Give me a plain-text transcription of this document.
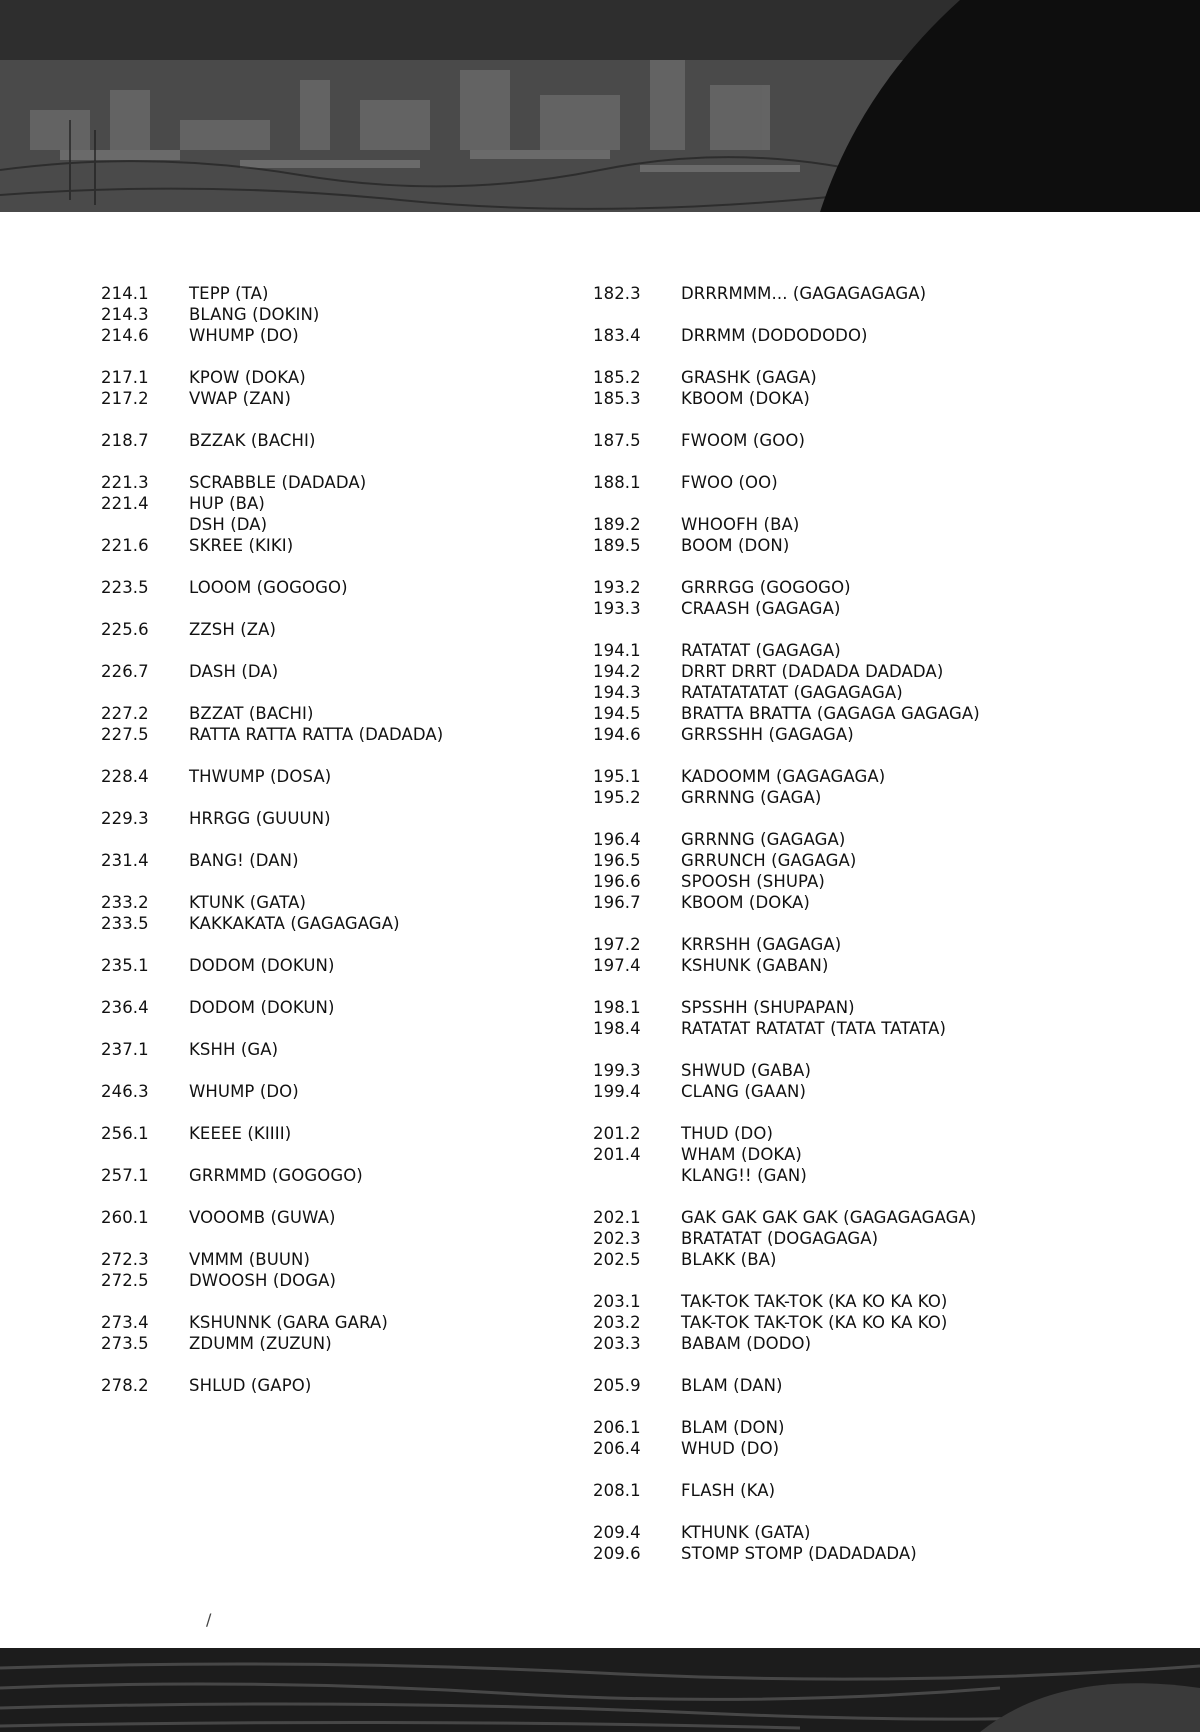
214.1	TEPP (TA)
214.3	BLANG (DOKIN)
214.6	WHUMP (DO)
217.1	KPOW (DOKA)
217.2	VWAP (ZAN)
218.7	BZZAK (BACHI)
221.3	SCRABBLE (DADADA)
221.4	HUP (BA)
DSH (DA)
221.6	SKREE (KIKI)
223.5	LOOOM (GOGOGO)
225.6	ZZSH (ZA)
226.7	DASH (DA)
227.2	BZZAT (BACHI)
227.5	RATTA RATTA RATTA (DADADA)
228.4	THWUMP (DOSA)
229.3	HRRGG (GUUUN)
231.4	BANG! (DAN)
233.2	KTUNK (GATA)
233.5	KAKKAKATA (GAGAGAGA)
235.1	DODOM (DOKUN)
236.4	DODOM (DOKUN)
237.1	KSHH (GA)
246.3	WHUMP (DO)
256.1	KEEEE (KIIII)
257.1	GRRMMD (GOGOGO)
260.1	VOOOMB (GUWA)
272.3	VMMM (BUUN)
272.5	DWOOSH (DOGA)
273.4	KSHUNNK (GARA GARA)
273.5	ZDUMM (ZUZUN)
278.2	SHLUD (GAPO)
182.3	DRRRMMM... (GAGAGAGAGA)
183.4	DRRMM (DODODODO)
185.2	GRASHK (GAGA)
185.3	KBOOM (DOKA)
187.5	FWOOM (GOO)
188.1	FWOO (OO)
189.2	WHOOFH (BA)
189.5	BOOM (DON)
193.2	GRRRGG (GOGOGO)
193.3	CRAASH (GAGAGA)
194.1	RATATAT (GAGAGA)
194.2	DRRT DRRT (DADADA DADADA)
194.3	RATATATATAT (GAGAGAGA)
194.5	BRATTA BRATTA (GAGAGA GAGAGA)
194.6	GRRSSHH (GAGAGA)
195.1	KADOOMM (GAGAGAGA)
195.2	GRRNNG (GAGA)
196.4	GRRNNG (GAGAGA)
196.5	GRRUNCH (GAGAGA)
196.6	SPOOSH (SHUPA)
196.7	KBOOM (DOKA)
197.2	KRRSHH (GAGAGA)
197.4	KSHUNK (GABAN)
198.1	SPSSHH (SHUPAPAN)
198.4	RATATAT RATATAT (TATA TATATA)
199.3	SHWUD (GABA)
199.4	CLANG (GAAN)
201.2	THUD (DO)
201.4	WHAM (DOKA)
KLANG!! (GAN)
202.1	GAK GAK GAK GAK (GAGAGAGAGA)
202.3	BRATATAT (DOGAGAGA)
202.5	BLAKK (BA)
203.1	TAK-TOK TAK-TOK (KA KO KA KO)
203.2	TAK-TOK TAK-TOK (KA KO KA KO)
203.3	BABAM (DODO)
205.9	BLAM (DAN)
206.1	BLAM (DON)
206.4	WHUD (DO)
208.1	FLASH (KA)
209.4	KTHUNK (GATA)
209.6	STOMP STOMP (DADADADA)
/
